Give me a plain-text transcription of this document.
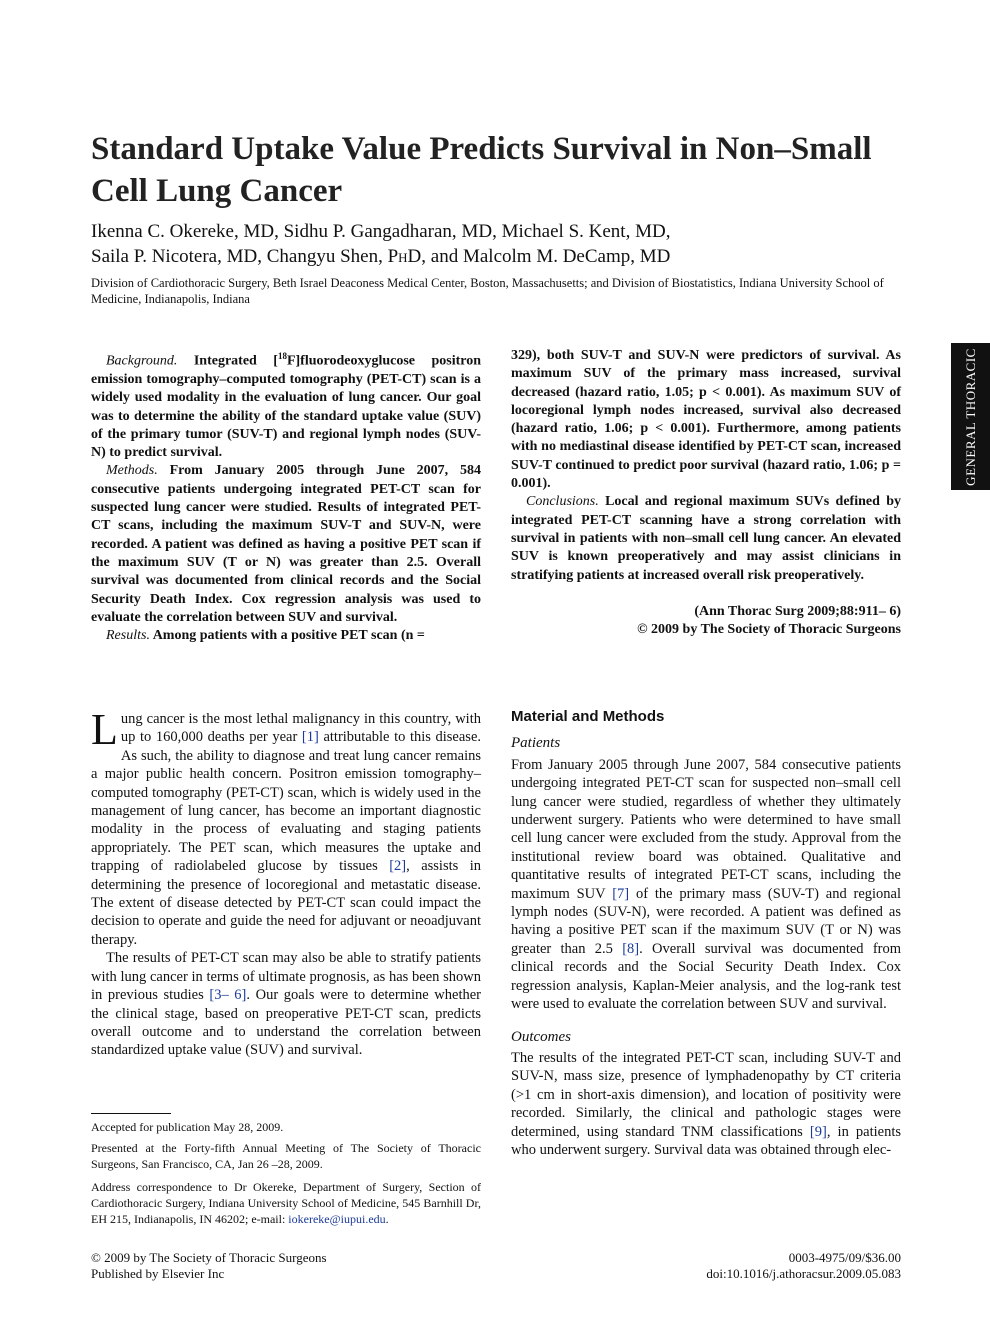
Standard Uptake Value Predicts Survival in Non–Small Cell Lung Cancer
Ikenna C. Okereke, MD, Sidhu P. Gangadharan, MD, Michael S. Kent, MD,
Saila P. Nicotera, MD, Changyu Shen, PhD, and Malcolm M. DeCamp, MD
Division of Cardiothoracic Surgery, Beth Israel Deaconess Medical Center, Boston, Massachusetts; and Division of Biostatistics, Indiana University School of Medicine, Indianapolis, Indiana
GENERAL THORACIC

Background. Integrated [$^{18}$F]fluorodeoxyglucose positron emission tomography–computed tomography (PET-CT) scan is a widely used modality in the evaluation of lung cancer. Our goal was to determine the ability of the standard uptake value (SUV) of the primary tumor (SUV-T) and regional lymph nodes (SUV-N) to predict survival.

Methods. From January 2005 through June 2007, 584 consecutive patients undergoing integrated PET-CT scan for suspected lung cancer were studied. Results of integrated PET-CT scans, including the maximum SUV-T and SUV-N, were recorded. A patient was defined as having a positive PET scan if the maximum SUV (T or N) was greater than 2.5. Overall survival was documented from clinical records and the Social Security Death Index. Cox regression analysis was used to evaluate the correlation between SUV and survival.

Results. Among patients with a positive PET scan (n =

329), both SUV-T and SUV-N were predictors of survival. As maximum SUV of the primary mass increased, survival decreased (hazard ratio, 1.05; p < 0.001). As maximum SUV of locoregional lymph nodes increased, survival also decreased (hazard ratio, 1.06; p < 0.001). Furthermore, among patients with no mediastinal disease identified by PET-CT scan, increased SUV-T continued to predict poor survival (hazard ratio, 1.06; p = 0.001).

Conclusions. Local and regional maximum SUVs defined by integrated PET-CT scanning have a strong correlation with survival in patients with non–small cell lung cancer. An elevated SUV is known preoperatively and may assist clinicians in stratifying patients at increased overall risk preoperatively.

(Ann Thorac Surg 2009;88:911– 6)
© 2009 by The Society of Thoracic Surgeons

Lung cancer is the most lethal malignancy in this country, with up to 160,000 deaths per year [1] attributable to this disease. As such, the ability to diagnose and treat lung cancer remains a major public health concern. Positron emission tomography–computed tomography (PET-CT) scan, which is widely used in the management of lung cancer, has become an important diagnostic modality in the process of evaluating and staging patients appropriately. The PET scan, which measures the uptake and trapping of radiolabeled glucose by tissues [2], assists in determining the presence of locoregional and metastatic disease. The extent of disease detected by PET-CT scan could impact the decision to operate and guide the need for adjuvant or neoadjuvant therapy.

The results of PET-CT scan may also be able to stratify patients with lung cancer in terms of ultimate prognosis, as has been shown in previous studies [3– 6]. Our goals were to determine whether the clinical stage, based on preoperative PET-CT scan, predicts overall outcome and to understand the correlation between standardized uptake value (SUV) and survival.

Accepted for publication May 28, 2009.
Presented at the Forty-fifth Annual Meeting of The Society of Thoracic Surgeons, San Francisco, CA, Jan 26 –28, 2009.
Address correspondence to Dr Okereke, Department of Surgery, Section of Cardiothoracic Surgery, Indiana University School of Medicine, 545 Barnhill Dr, EH 215, Indianapolis, IN 46202; e-mail: iokereke@iupui.edu.
Material and Methods
Patients

From January 2005 through June 2007, 584 consecutive patients undergoing integrated PET-CT scan for suspected non–small cell lung cancer were studied, regardless of whether they ultimately underwent surgery. Patients who were determined to have small cell lung cancer were excluded from the study. Approval from the institutional review board was obtained. Qualitative and quantitative results of integrated PET-CT scans, including the maximum SUV [7] of the primary mass (SUV-T) and regional lymph nodes (SUV-N), were recorded. A patient was defined as having a positive PET scan if the maximum SUV (T or N) was greater than 2.5 [8]. Overall survival was documented from clinical records and the Social Security Death Index. Cox regression analysis, Kaplan-Meier analysis, and the log-rank test were used to evaluate the correlation between SUV and survival.

Outcomes

The results of the integrated PET-CT scan, including SUV-T and SUV-N, mass size, presence of lymphadenopathy by CT criteria (>1 cm in short-axis dimension), and location of positivity were recorded. Similarly, the clinical and pathologic stages were determined, using standard TNM classifications [9], in patients who underwent surgery. Survival data was obtained through elec-

© 2009 by The Society of Thoracic Surgeons
Published by Elsevier Inc
0003-4975/09/$36.00
doi:10.1016/j.athoracsur.2009.05.083
